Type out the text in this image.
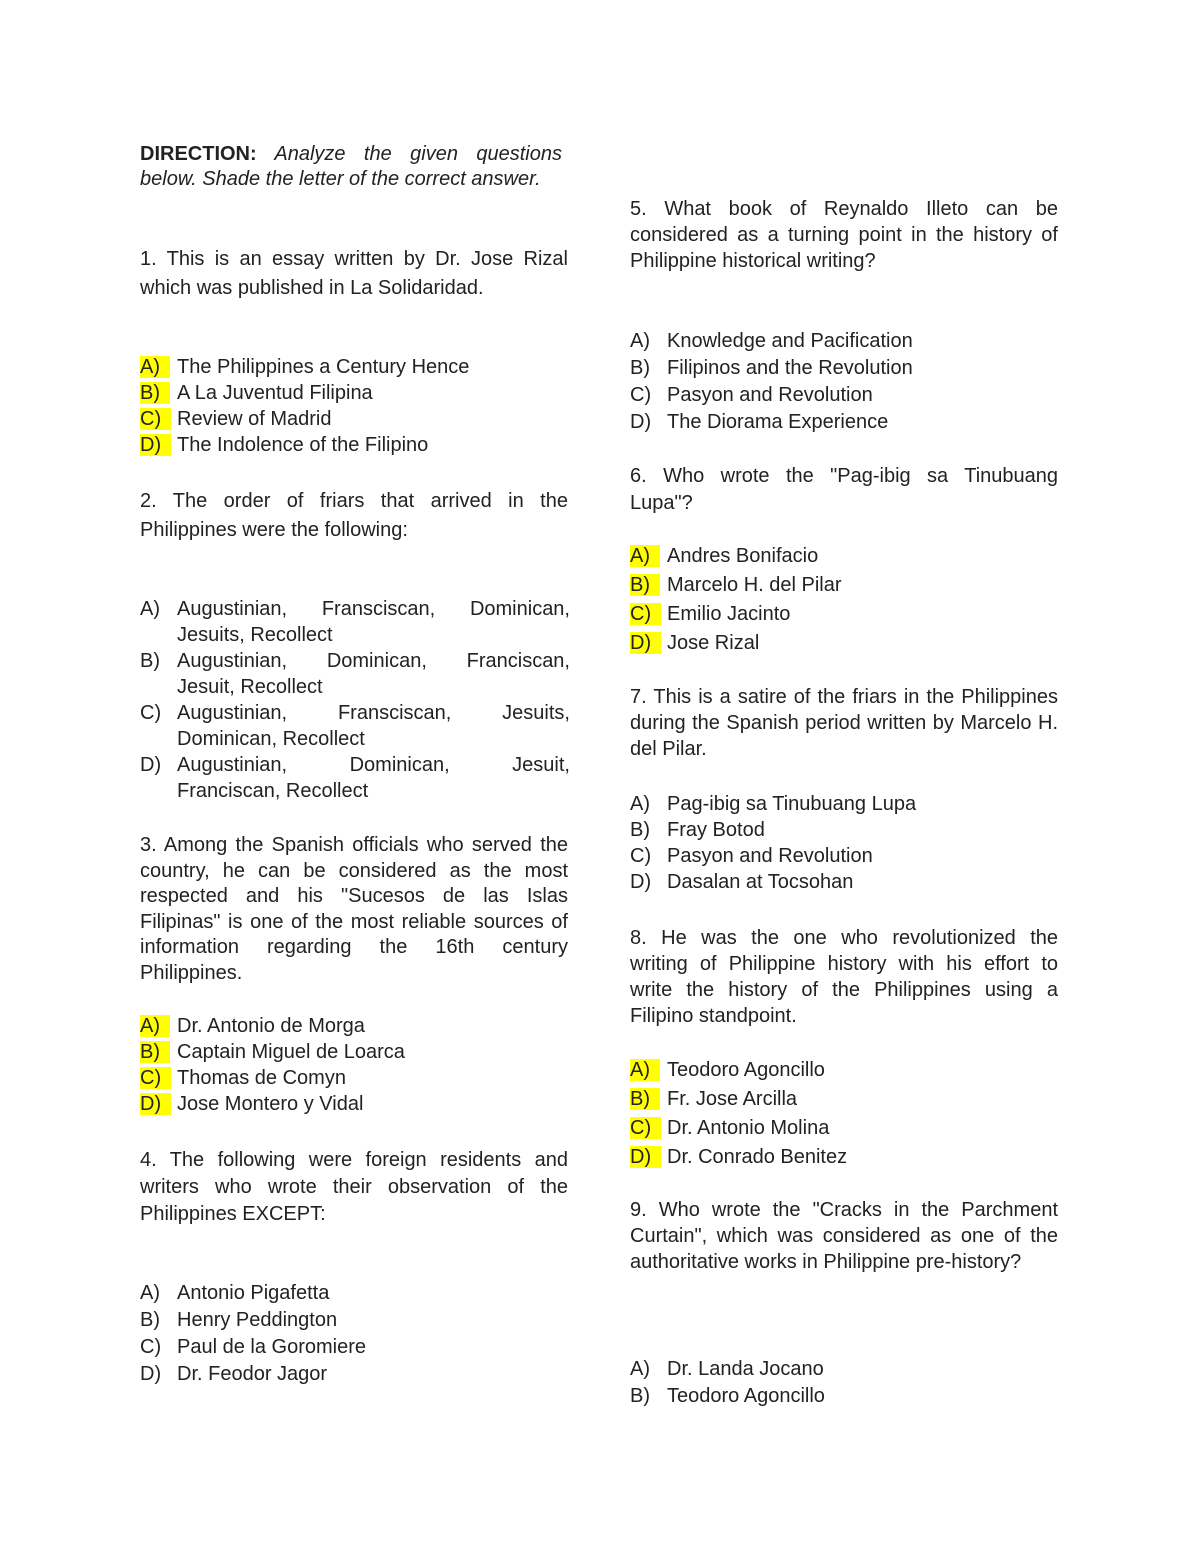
DIRECTION: Analyze the given questions below. Shade the letter of the correct answer.

1. This is an essay written by Dr. Jose Rizal which was published in La Solidaridad.

A) The Philippines a Century Hence
B) A La Juventud Filipina
C) Review of Madrid
D) The Indolence of the Filipino

2. The order of friars that arrived in the Philippines were the following:

A) Augustinian, Fransciscan, Dominican,
Jesuits, Recollect
B) Augustinian, Dominican, Franciscan,
Jesuit, Recollect
C) Augustinian, Fransciscan, Jesuits,
Dominican, Recollect
D) Augustinian, Dominican, Jesuit,
Franciscan, Recollect

3. Among the Spanish officials who served the country, he can be considered as the most respected and his "Sucesos de las Islas Filipinas" is one of the most reliable sources of information regarding the 16th century Philippines.

A) Dr. Antonio de Morga
B) Captain Miguel de Loarca
C) Thomas de Comyn
D) Jose Montero y Vidal

4. The following were foreign residents and writers who wrote their observation of the Philippines EXCEPT:

A) Antonio Pigafetta
B) Henry Peddington
C) Paul de la Goromiere
D) Dr. Feodor Jagor

5. What book of Reynaldo Illeto can be considered as a turning point in the history of Philippine historical writing?

A) Knowledge and Pacification
B) Filipinos and the Revolution
C) Pasyon and Revolution
D) The Diorama Experience

6. Who wrote the "Pag-ibig sa Tinubuang Lupa"?

A) Andres Bonifacio
B) Marcelo H. del Pilar
C) Emilio Jacinto
D) Jose Rizal

7. This is a satire of the friars in the Philippines during the Spanish period written by Marcelo H. del Pilar.

A) Pag-ibig sa Tinubuang Lupa
B) Fray Botod
C) Pasyon and Revolution
D) Dasalan at Tocsohan

8. He was the one who revolutionized the writing of Philippine history with his effort to write the history of the Philippines using a Filipino standpoint.

A) Teodoro Agoncillo
B) Fr. Jose Arcilla
C) Dr. Antonio Molina
D) Dr. Conrado Benitez

9. Who wrote the "Cracks in the Parchment Curtain", which was considered as one of the authoritative works in Philippine pre-history?

A) Dr. Landa Jocano
B) Teodoro Agoncillo
